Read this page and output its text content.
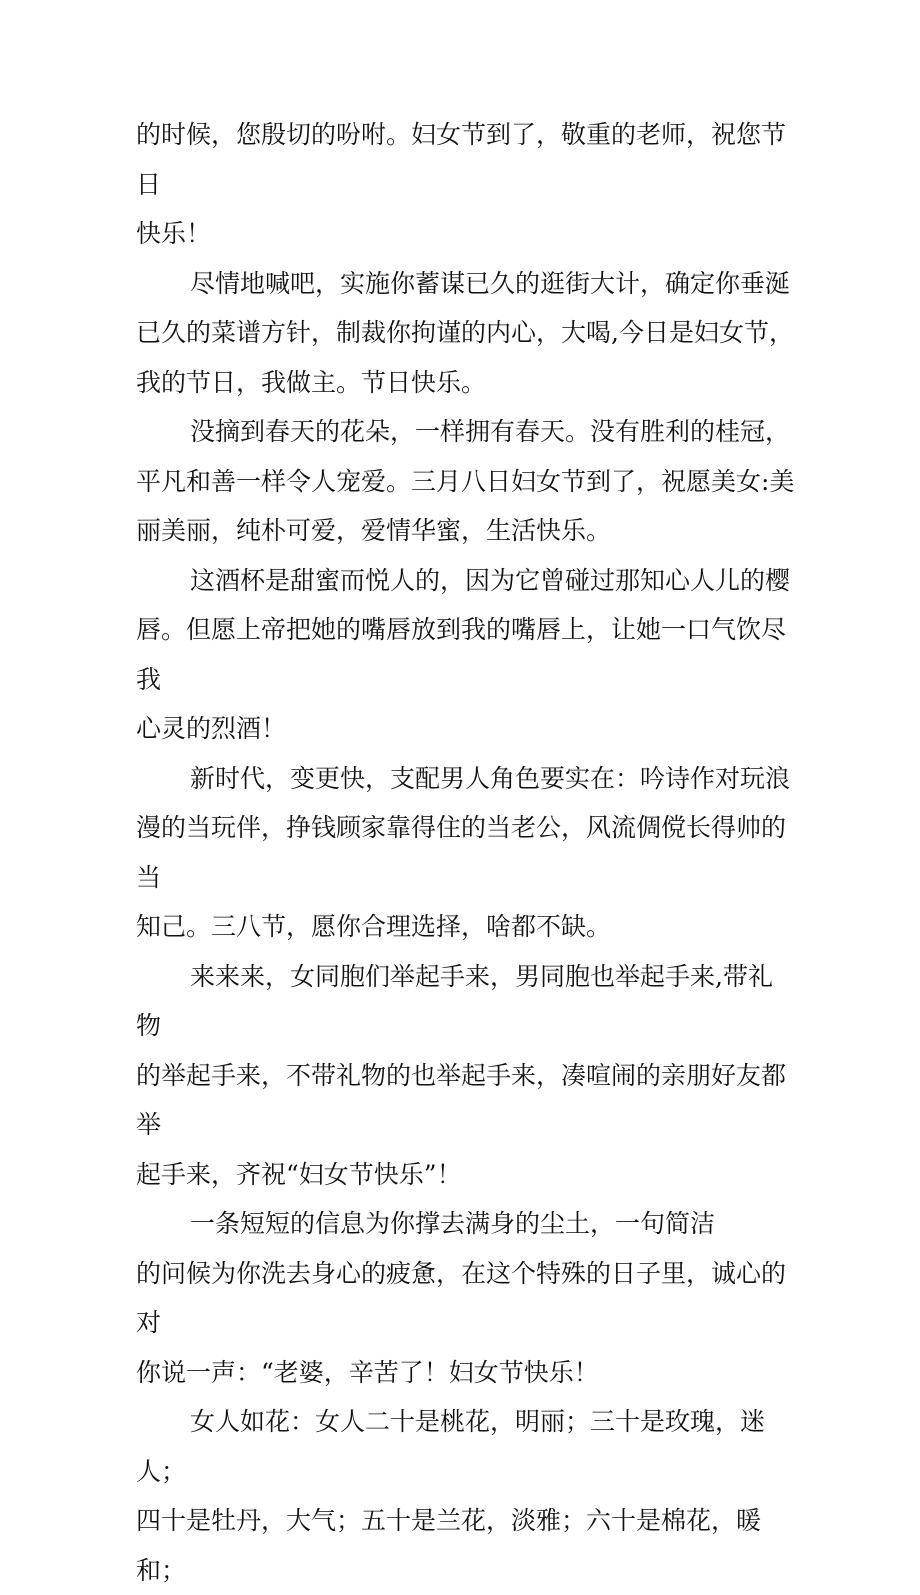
的时候，您殷切的吩咐。妇女节到了，敬重的老师，祝您节日
快乐！

尽情地喊吧，实施你蓄谋已久的逛街大计，确定你垂涎
已久的菜谱方针，制裁你拘谨的内心，大喝,今日是妇女节，
我的节日，我做主。节日快乐。

没摘到春天的花朵，一样拥有春天。没有胜利的桂冠，
平凡和善一样令人宠爱。三月八日妇女节到了，祝愿美女:美
丽美丽，纯朴可爱，爱情华蜜，生活快乐。

这酒杯是甜蜜而悦人的，因为它曾碰过那知心人儿的樱
唇。但愿上帝把她的嘴唇放到我的嘴唇上，让她一口气饮尽我
心灵的烈酒！

新时代，变更快，支配男人角色要实在：吟诗作对玩浪
漫的当玩伴，挣钱顾家靠得住的当老公，风流倜傥长得帅的当
知己。三八节，愿你合理选择，啥都不缺。

来来来，女同胞们举起手来，男同胞也举起手来,带礼物
的举起手来，不带礼物的也举起手来，凑喧闹的亲朋好友都举
起手来，齐祝“妇女节快乐”！

一条短短的信息为你撑去满身的尘土，一句简洁
的问候为你洗去身心的疲惫，在这个特殊的日子里，诚心的对
你说一声：“老婆，辛苦了！妇女节快乐！

女人如花：女人二十是桃花，明丽；三十是玫瑰，迷人；
四十是牡丹，大气；五十是兰花，淡雅；六十是棉花，暖和；
